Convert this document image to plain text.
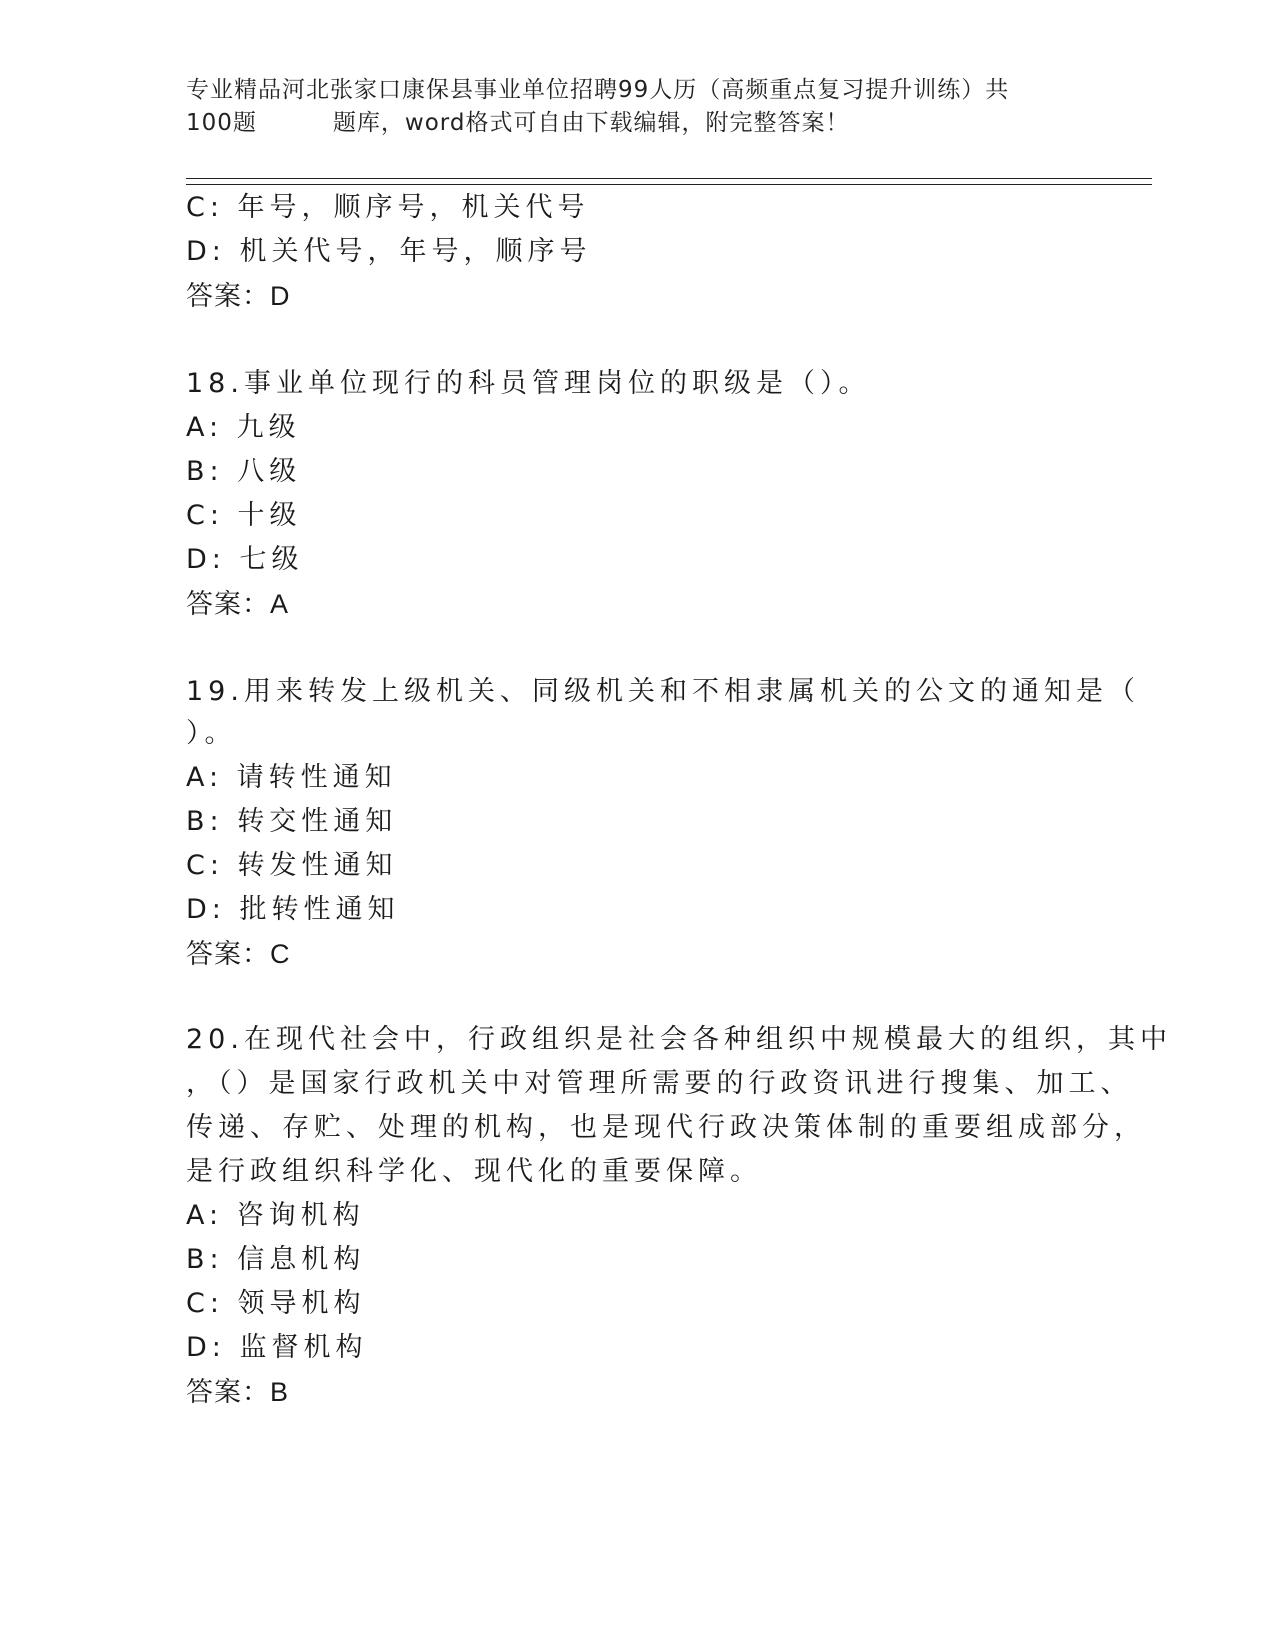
专业精品河北张家口康保县事业单位招聘99人历（高频重点复习提升训练）共
100题	题库，word格式可自由下载编辑，附完整答案！
C: 年号，顺序号，机关代号
D: 机关代号，年号，顺序号
答案：D
18.事业单位现行的科员管理岗位的职级是（）。
A: 九级
B: 八级
C: 十级
D: 七级
答案：A
19.用来转发上级机关、同级机关和不相隶属机关的公文的通知是（
）。
A: 请转性通知
B: 转交性通知
C: 转发性通知
D: 批转性通知
答案：C
20.在现代社会中，行政组织是社会各种组织中规模最大的组织，其中
，（）是国家行政机关中对管理所需要的行政资讯进行搜集、加工、
传递、存贮、处理的机构，也是现代行政决策体制的重要组成部分，
是行政组织科学化、现代化的重要保障。
A: 咨询机构
B: 信息机构
C: 领导机构
D: 监督机构
答案：B
